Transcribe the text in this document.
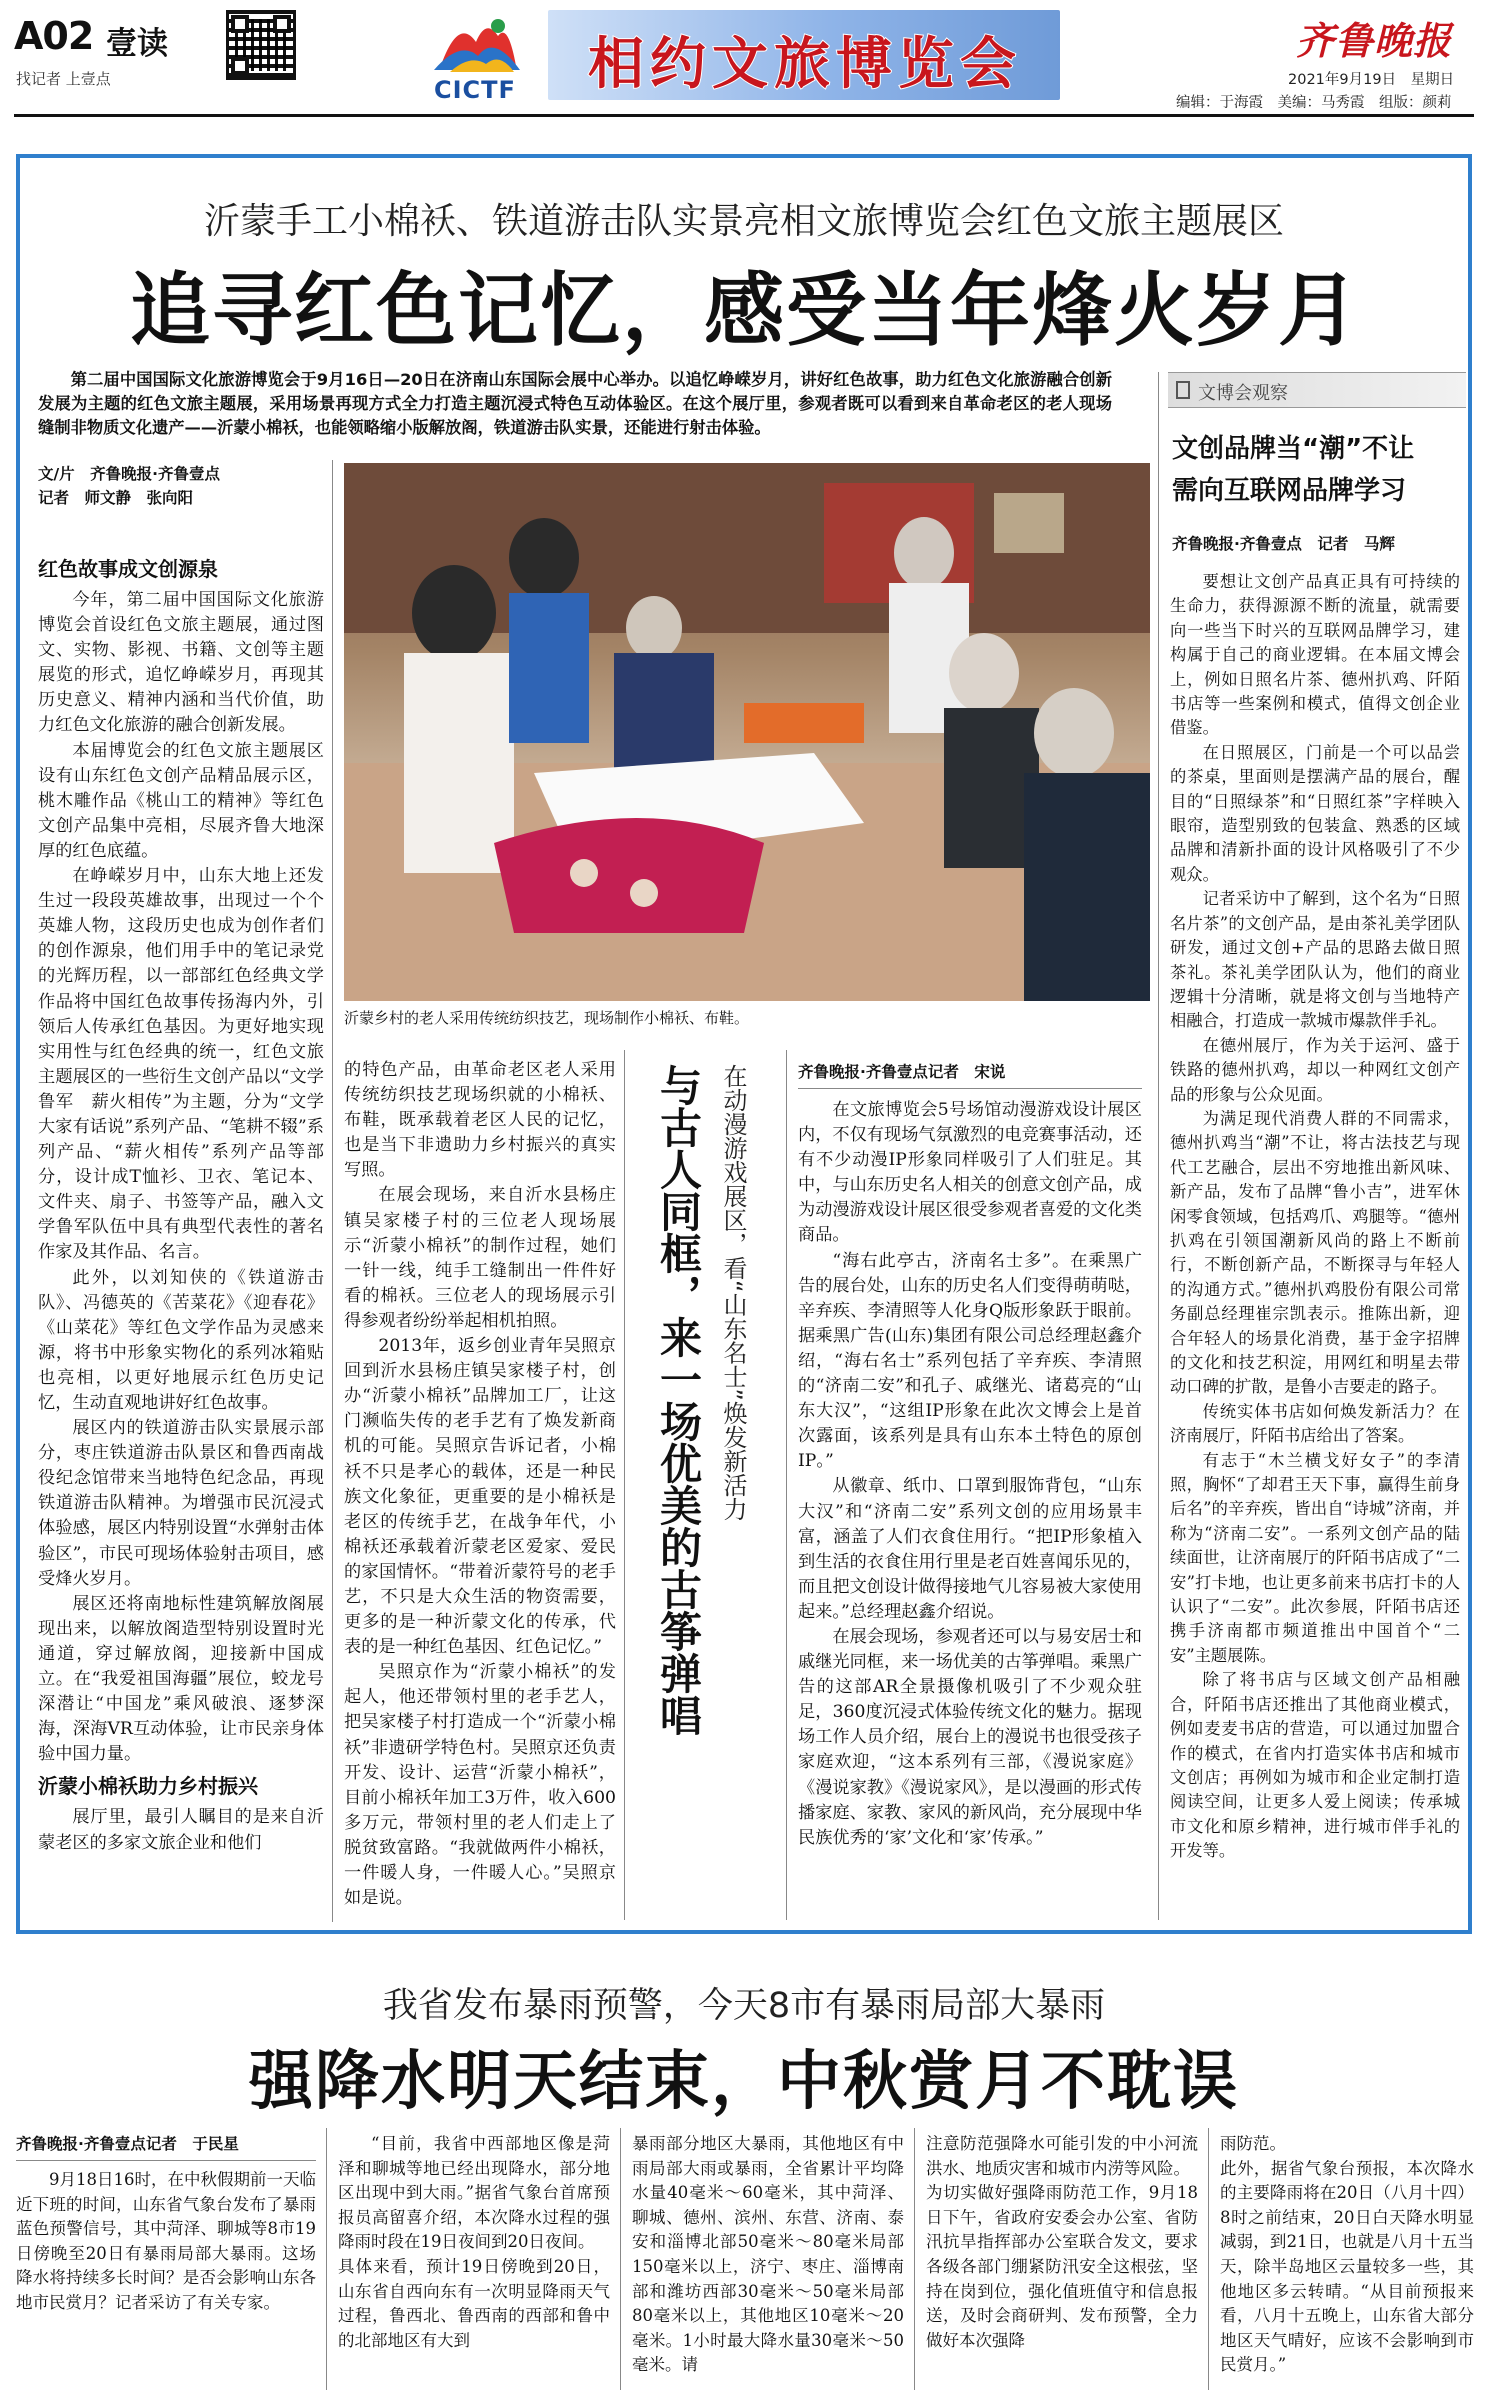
A02 壹读
找记者 上壹点	CICTF	相约文旅博览会	齐鲁晚报
2021年9月19日　星期日
编辑：于海霞　美编：马秀霞　组版：颜莉
沂蒙手工小棉袄、铁道游击队实景亮相文旅博览会红色文旅主题展区
追寻红色记忆，感受当年烽火岁月
第二届中国国际文化旅游博览会于9月16日—20日在济南山东国际会展中心举办。以追忆峥嵘岁月，讲好红色故事，助力红色文化旅游融合创新发展为主题的红色文旅主题展，采用场景再现方式全力打造主题沉浸式特色互动体验区。在这个展厅里，参观者既可以看到来自革命老区的老人现场缝制非物质文化遗产——沂蒙小棉袄，也能领略缩小版解放阁，铁道游击队实景，还能进行射击体验。
文博会观察
文创品牌当“潮”不让
需向互联网品牌学习
齐鲁晚报·齐鲁壹点　记者　马辉
文/片　齐鲁晚报·齐鲁壹点
记者　师文静　张向阳
沂蒙乡村的老人采用传统纺织技艺，现场制作小棉袄、布鞋。
红色故事成文创源泉

今年，第二届中国国际文化旅游博览会首设红色文旅主题展，通过图文、实物、影视、书籍、文创等主题展览的形式，追忆峥嵘岁月，再现其历史意义、精神内涵和当代价值，助力红色文化旅游的融合创新发展。

本届博览会的红色文旅主题展区设有山东红色文创产品精品展示区，桃木雕作品《桃山工的精神》等红色文创产品集中亮相，尽展齐鲁大地深厚的红色底蕴。

在峥嵘岁月中，山东大地上还发生过一段段英雄故事，出现过一个个英雄人物，这段历史也成为创作者们的创作源泉，他们用手中的笔记录党的光辉历程，以一部部红色经典文学作品将中国红色故事传扬海内外，引领后人传承红色基因。为更好地实现实用性与红色经典的统一，红色文旅主题展区的一些衍生文创产品以“文学鲁军　薪火相传”为主题，分为“文学大家有话说”系列产品、“笔耕不辍”系列产品、“薪火相传”系列产品等部分，设计成T恤衫、卫衣、笔记本、文件夹、扇子、书签等产品，融入文学鲁军队伍中具有典型代表性的著名作家及其作品、名言。

此外，以刘知侠的《铁道游击队》、冯德英的《苦菜花》《迎春花》《山菜花》等红色文学作品为灵感来源，将书中形象实物化的系列冰箱贴也亮相，以更好地展示红色历史记忆，生动直观地讲好红色故事。

展区内的铁道游击队实景展示部分，枣庄铁道游击队景区和鲁西南战役纪念馆带来当地特色纪念品，再现铁道游击队精神。为增强市民沉浸式体验感，展区内特别设置“水弹射击体验区”，市民可现场体验射击项目，感受烽火岁月。

展区还将南地标性建筑解放阁展现出来，以解放阁造型特别设置时光通道，穿过解放阁，迎接新中国成立。在“我爱祖国海疆”展位，蛟龙号深潜让“中国龙”乘风破浪、逐梦深海，深海VR互动体验，让市民亲身体验中国力量。

沂蒙小棉袄助力乡村振兴

展厅里，最引人瞩目的是来自沂蒙老区的多家文旅企业和他们

的特色产品，由革命老区老人采用传统纺织技艺现场织就的小棉袄、布鞋，既承载着老区人民的记忆，也是当下非遗助力乡村振兴的真实写照。

在展会现场，来自沂水县杨庄镇吴家楼子村的三位老人现场展示“沂蒙小棉袄”的制作过程，她们一针一线，纯手工缝制出一件件好看的棉袄。三位老人的现场展示引得参观者纷纷举起相机拍照。

2013年，返乡创业青年吴照京回到沂水县杨庄镇吴家楼子村，创办“沂蒙小棉袄”品牌加工厂，让这门濒临失传的老手艺有了焕发新商机的可能。吴照京告诉记者，小棉袄不只是孝心的载体，还是一种民族文化象征，更重要的是小棉袄是老区的传统手艺，在战争年代，小棉袄还承载着沂蒙老区爱家、爱民的家国情怀。“带着沂蒙符号的老手艺，不只是大众生活的物资需要，更多的是一种沂蒙文化的传承，代表的是一种红色基因、红色记忆。”

吴照京作为“沂蒙小棉袄”的发起人，他还带领村里的老手艺人，把吴家楼子村打造成一个“沂蒙小棉袄”非遗研学特色村。吴照京还负责开发、设计、运营“沂蒙小棉袄”，目前小棉袄年加工3万件，收入600多万元，带领村里的老人们走上了脱贫致富路。“我就做两件小棉袄，一件暖人身，一件暖人心。”吴照京如是说。

与古人同框，来一场优美的古筝弹唱 在动漫游戏展区，看“山东名士”焕发新活力	齐鲁晚报·齐鲁壹点记者　宋说

在文旅博览会5号场馆动漫游戏设计展区内，不仅有现场气氛激烈的电竞赛事活动，还有不少动漫IP形象同样吸引了人们驻足。其中，与山东历史名人相关的创意文创产品，成为动漫游戏设计展区很受参观者喜爱的文化类商品。

“海右此亭古，济南名士多”。在乘黑广告的展台处，山东的历史名人们变得萌萌哒，辛弃疾、李清照等人化身Q版形象跃于眼前。据乘黑广告(山东)集团有限公司总经理赵鑫介绍，“海右名士”系列包括了辛弃疾、李清照的“济南二安”和孔子、戚继光、诸葛亮的“山东大汉”，“这组IP形象在此次文博会上是首次露面，该系列是具有山东本土特色的原创IP。”

从徽章、纸巾、口罩到服饰背包，“山东大汉”和“济南二安”系列文创的应用场景丰富，涵盖了人们衣食住用行。“把IP形象植入到生活的衣食住用行里是老百姓喜闻乐见的，而且把文创设计做得接地气儿容易被大家使用起来。”总经理赵鑫介绍说。

在展会现场，参观者还可以与易安居士和戚继光同框，来一场优美的古筝弹唱。乘黑广告的这部AR全景摄像机吸引了不少观众驻足，360度沉浸式体验传统文化的魅力。据现场工作人员介绍，展台上的漫说书也很受孩子家庭欢迎，“这本系列有三部，《漫说家庭》《漫说家教》《漫说家风》，是以漫画的形式传播家庭、家教、家风的新风尚，充分展现中华民族优秀的‘家’文化和‘家’传承。”

要想让文创产品真正具有可持续的生命力，获得源源不断的流量，就需要向一些当下时兴的互联网品牌学习，建构属于自己的商业逻辑。在本届文博会上，例如日照名片茶、德州扒鸡、阡陌书店等一些案例和模式，值得文创企业借鉴。

在日照展区，门前是一个可以品尝的茶桌，里面则是摆满产品的展台，醒目的“日照绿茶”和“日照红茶”字样映入眼帘，造型别致的包装盒、熟悉的区域品牌和清新扑面的设计风格吸引了不少观众。

记者采访中了解到，这个名为“日照名片茶”的文创产品，是由茶礼美学团队研发，通过文创+产品的思路去做日照茶礼。茶礼美学团队认为，他们的商业逻辑十分清晰，就是将文创与当地特产相融合，打造成一款城市爆款伴手礼。

在德州展厅，作为关于运河、盛于铁路的德州扒鸡，却以一种网红文创产品的形象与公众见面。

为满足现代消费人群的不同需求，德州扒鸡当“潮”不让，将古法技艺与现代工艺融合，层出不穷地推出新风味、新产品，发布了品牌“鲁小吉”，进军休闲零食领域，包括鸡爪、鸡腿等。“德州扒鸡在引领国潮新风尚的路上不断前行，不断创新产品，不断探寻与年轻人的沟通方式。”德州扒鸡股份有限公司常务副总经理崔宗凯表示。推陈出新，迎合年轻人的场景化消费，基于金字招牌的文化和技艺积淀，用网红和明星去带动口碑的扩散，是鲁小吉要走的路子。

传统实体书店如何焕发新活力？在济南展厅，阡陌书店给出了答案。

有志于“木兰横戈好女子”的李清照，胸怀“了却君王天下事，赢得生前身后名”的辛弃疾，皆出自“诗城”济南，并称为“济南二安”。一系列文创产品的陆续面世，让济南展厅的阡陌书店成了“二安”打卡地，也让更多前来书店打卡的人认识了“二安”。此次参展，阡陌书店还携手济南都市频道推出中国首个“二安”主题展陈。

除了将书店与区域文创产品相融合，阡陌书店还推出了其他商业模式，例如麦麦书店的营造，可以通过加盟合作的模式，在省内打造实体书店和城市文创店；再例如为城市和企业定制打造阅读空间，让更多人爱上阅读；传承城市文化和原乡精神，进行城市伴手礼的开发等。

我省发布暴雨预警，今天8市有暴雨局部大暴雨
强降水明天结束，中秋赏月不耽误
齐鲁晚报·齐鲁壹点记者　于民星

9月18日16时，在中秋假期前一天临近下班的时间，山东省气象台发布了暴雨蓝色预警信号，其中菏泽、聊城等8市19日傍晚至20日有暴雨局部大暴雨。这场降水将持续多长时间？是否会影响山东各地市民赏月？记者采访了有关专家。

“目前，我省中西部地区像是菏泽和聊城等地已经出现降水，部分地区出现中到大雨。”据省气象台首席预报员高留喜介绍，本次降水过程的强降雨时段在19日夜间到20日夜间。
具体来看，预计19日傍晚到20日，山东省自西向东有一次明显降雨天气过程，鲁西北、鲁西南的西部和鲁中的北部地区有大到

暴雨部分地区大暴雨，其他地区有中雨局部大雨或暴雨，全省累计平均降水量40毫米～60毫米，其中菏泽、聊城、德州、滨州、东营、济南、泰安和淄博北部50毫米～80毫米局部150毫米以上，济宁、枣庄、淄博南部和潍坊西部30毫米～50毫米局部80毫米以上，其他地区10毫米～20毫米。1小时最大降水量30毫米～50毫米。请

注意防范强降水可能引发的中小河流洪水、地质灾害和城市内涝等风险。
为切实做好强降雨防范工作，9月18日下午，省政府安委会办公室、省防汛抗旱指挥部办公室联合发文，要求各级各部门绷紧防汛安全这根弦，坚持在岗到位，强化值班值守和信息报送，及时会商研判、发布预警，全力做好本次强降

雨防范。
此外，据省气象台预报，本次降水的主要降雨将在20日（八月十四）8时之前结束，20日白天降水明显减弱，到21日，也就是八月十五当天，除半岛地区云量较多一些，其他地区多云转晴。“从目前预报来看，八月十五晚上，山东省大部分地区天气晴好，应该不会影响到市民赏月。”
